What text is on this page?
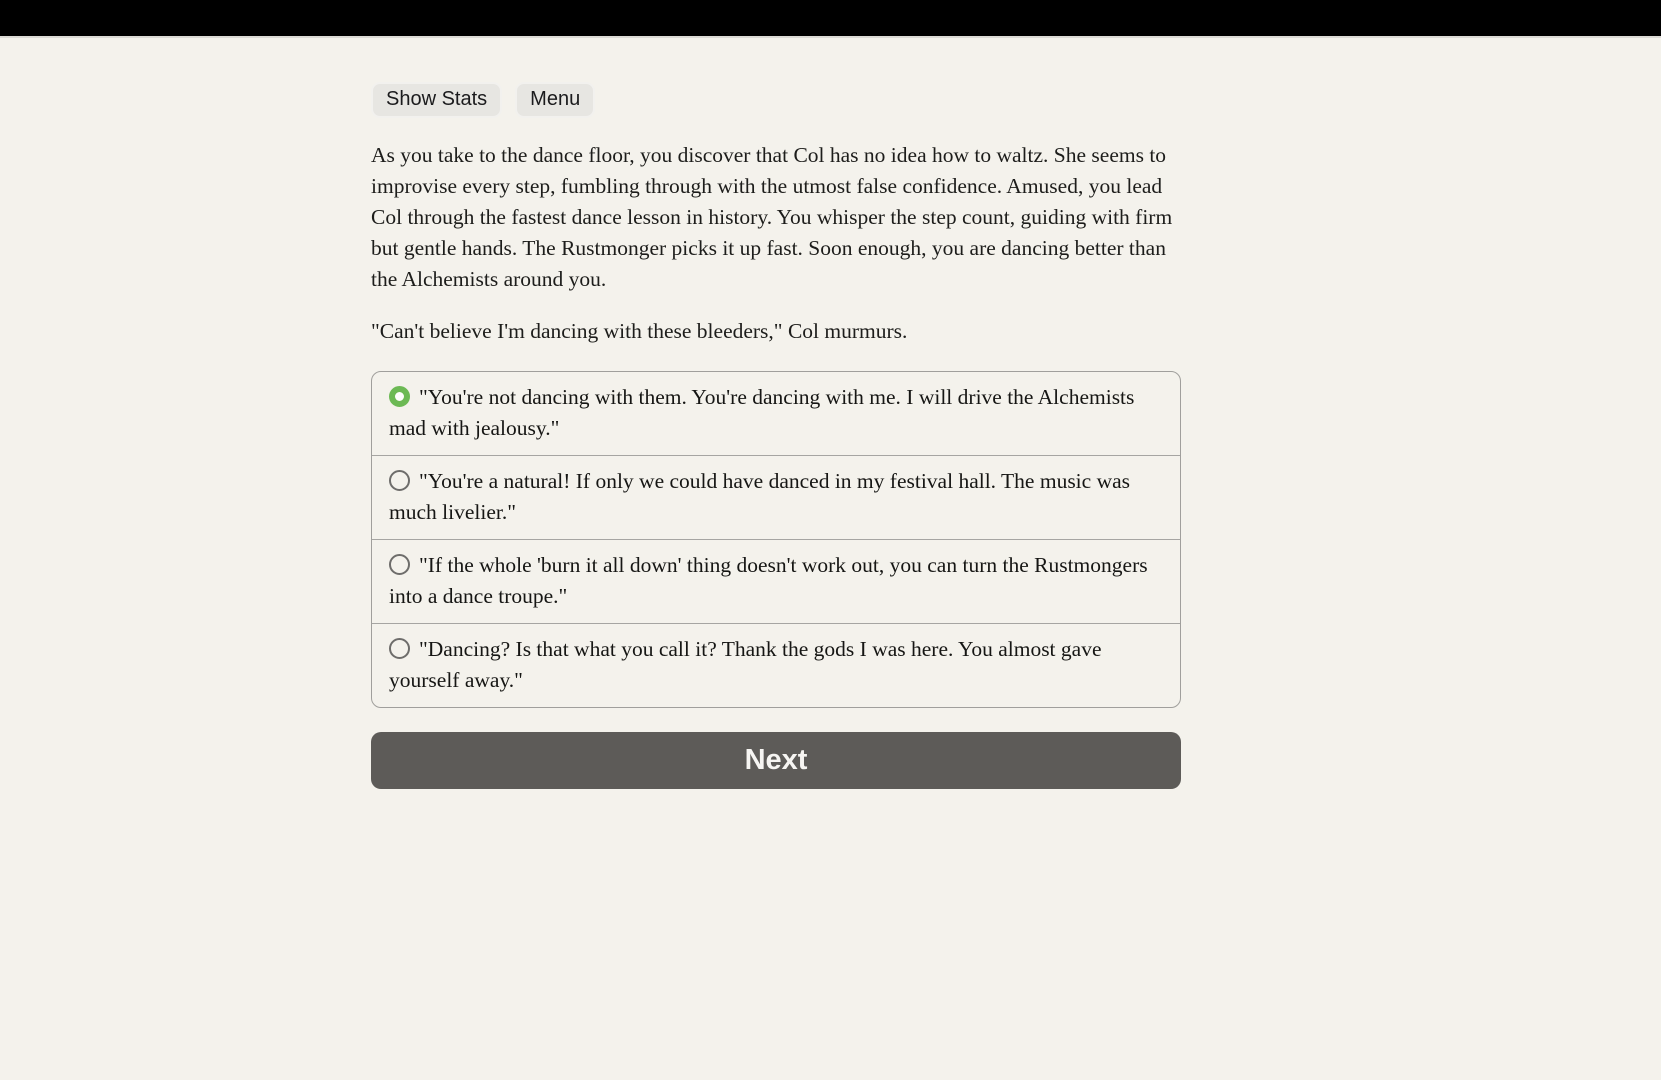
Show Stats	Menu

As you take to the dance floor, you discover that Col has no idea how to waltz. She seems to improvise every step, fumbling through with the utmost false confidence. Amused, you lead Col through the fastest dance lesson in history. You whisper the step count, guiding with firm but gentle hands. The Rustmonger picks it up fast. Soon enough, you are dancing better than the Alchemists around you.

"Can't believe I'm dancing with these bleeders," Col murmurs.

"You're not dancing with them. You're dancing with me. I will drive the Alchemists mad with jealousy."
"You're a natural! If only we could have danced in my festival hall. The music was much livelier."
"If the whole 'burn it all down' thing doesn't work out, you can turn the Rustmongers into a dance troupe."
"Dancing? Is that what you call it? Thank the gods I was here. You almost gave yourself away."
Next
